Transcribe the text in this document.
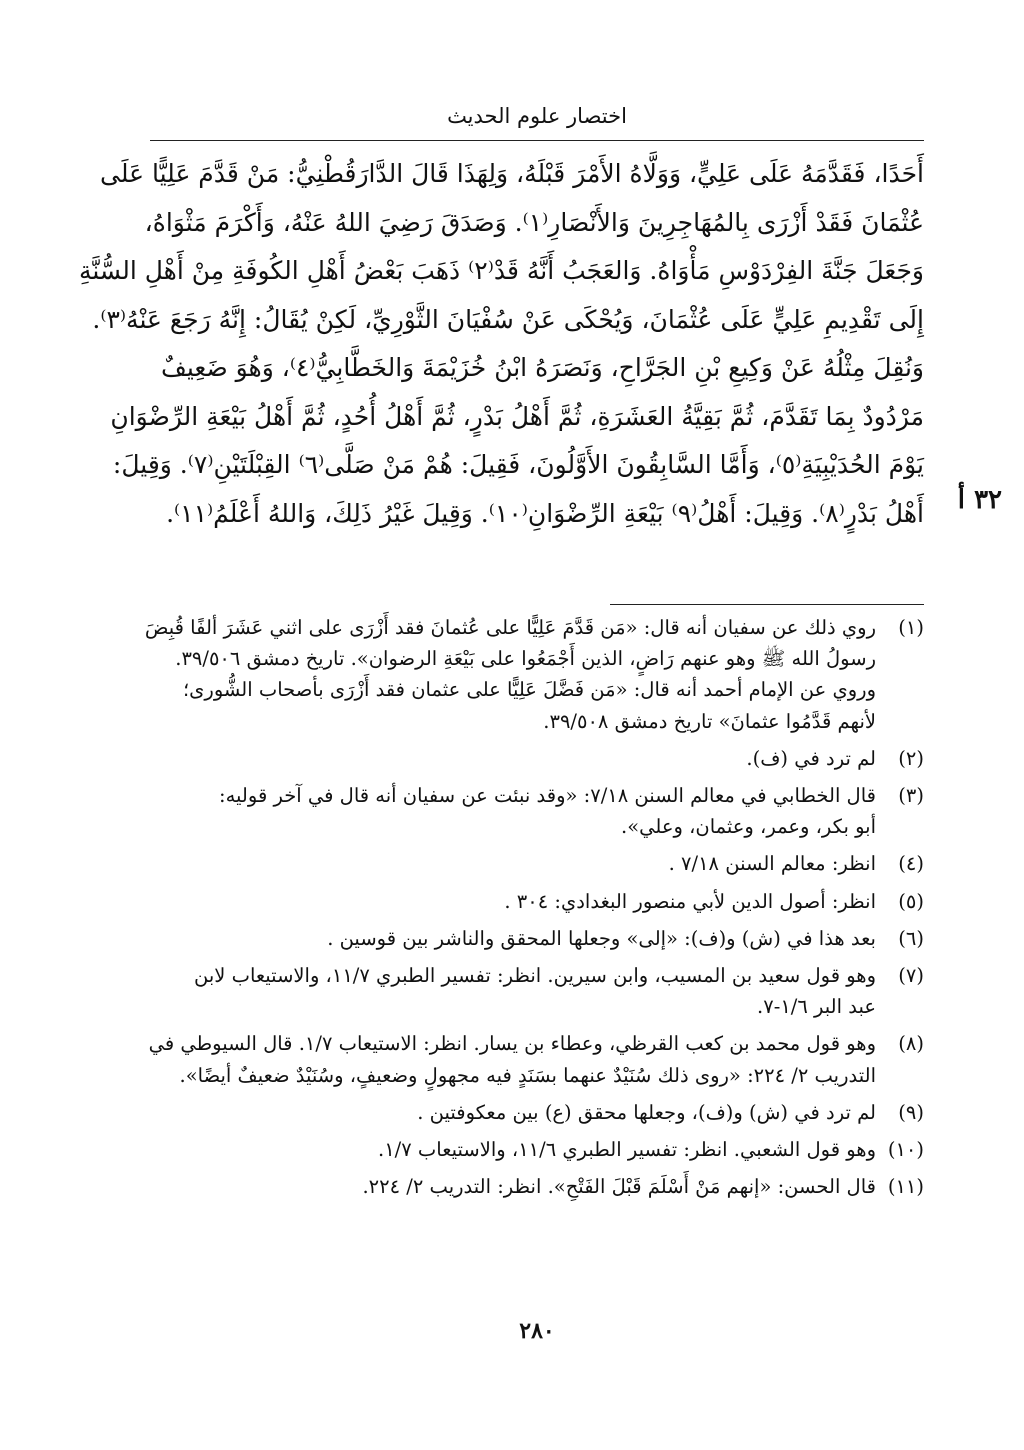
اختصار علوم الحديث
٣٢ أ
أَحَدًا، فَقَدَّمَهُ عَلَى عَلِيٍّ، وَوَلَّاهُ الأَمْرَ قَبْلَهُ، وَلِهَذَا قَالَ الدَّارَقُطْنِيُّ: مَنْ قَدَّمَ عَلِيًّا عَلَى
عُثْمَانَ فَقَدْ أَزْرَى بِالمُهَاجِرِينَ وَالأَنْصَارِ⁽١⁾. وَصَدَقَ رَضِيَ اللهُ عَنْهُ، وَأَكْرَمَ مَثْوَاهُ،
وَجَعَلَ جَنَّةَ الفِرْدَوْسِ مَأْوَاهُ. وَالعَجَبُ أَنَّهُ قَدْ⁽٢⁾ ذَهَبَ بَعْضُ أَهْلِ الكُوفَةِ مِنْ أَهْلِ السُّنَّةِ
إِلَى تَقْدِيمِ عَلِيٍّ عَلَى عُثْمَانَ، وَيُحْكَى عَنْ سُفْيَانَ الثَّوْرِيِّ، لَكِنْ يُقَالُ: إِنَّهُ رَجَعَ عَنْهُ⁽٣⁾.
وَنُقِلَ مِثْلُهُ عَنْ وَكِيعِ بْنِ الجَرَّاحِ، وَنَصَرَهُ ابْنُ خُزَيْمَةَ وَالخَطَّابِيُّ⁽٤⁾، وَهُوَ ضَعِيفٌ
مَرْدُودٌ بِمَا تَقَدَّمَ، ثُمَّ بَقِيَّةُ العَشَرَةِ، ثُمَّ أَهْلُ بَدْرٍ، ثُمَّ أَهْلُ أُحُدٍ، ثُمَّ أَهْلُ بَيْعَةِ الرِّضْوَانِ
يَوْمَ الحُدَيْبِيَةِ⁽٥⁾، وَأَمَّا السَّابِقُونَ الأَوَّلُونَ، فَقِيلَ: هُمْ مَنْ صَلَّى⁽٦⁾ القِبْلَتَيْنِ⁽٧⁾. وَقِيلَ:
أَهْلُ بَدْرٍ⁽٨⁾. وَقِيلَ: أَهْلُ⁽٩⁾ بَيْعَةِ الرِّضْوَانِ⁽١٠⁾. وَقِيلَ غَيْرُ ذَلِكَ، وَاللهُ أَعْلَمُ⁽١١⁾.
(١)
روي ذلك عن سفيان أنه قال: «مَن قَدَّمَ عَلِيًّا على عُثمانَ فقد أَزْرَى على اثني عَشَرَ ألفًا قُبِضَ
رسولُ الله ﷺ وهو عنهم رَاضٍ، الذين أَجْمَعُوا على بَيْعَةِ الرضوان». تاريخ دمشق ٣٩/٥٠٦.
وروي عن الإمام أحمد أنه قال: «مَن فَضَّلَ عَلِيًّا على عثمان فقد أَزْرَى بأصحاب الشُّورى؛
لأنهم قَدَّمُوا عثمانَ» تاريخ دمشق ٣٩/٥٠٨.
(٢)
لم ترد في (ف).
(٣)
قال الخطابي في معالم السنن ٧/١٨: «وقد نبئت عن سفيان أنه قال في آخر قوليه:
أبو بكر، وعمر، وعثمان، وعلي».
(٤)
انظر: معالم السنن ٧/١٨ .
(٥)
انظر: أصول الدين لأبي منصور البغدادي: ٣٠٤ .
(٦)
بعد هذا في (ش) و(ف): «إلى» وجعلها المحقق والناشر بين قوسين .
(٧)
وهو قول سعيد بن المسيب، وابن سيرين. انظر: تفسير الطبري ١١/٧، والاستيعاب لابن
عبد البر ١/٦-٧.
(٨)
وهو قول محمد بن كعب القرظي، وعطاء بن يسار. انظر: الاستيعاب ١/٧. قال السيوطي في
التدريب ٢/ ٢٢٤: «روى ذلك سُنَيْدٌ عنهما بسَنَدٍ فيه مجهولٍ وضعيفٍ، وسُنَيْدٌ ضعيفٌ أيضًا».
(٩)
لم ترد في (ش) و(ف)، وجعلها محقق (ع) بين معكوفتين .
(١٠)
وهو قول الشعبي. انظر: تفسير الطبري ١١/٦، والاستيعاب ١/٧.
(١١)
قال الحسن: «إنهم مَنْ أَسْلَمَ قَبْلَ الفَتْحِ». انظر: التدريب ٢/ ٢٢٤.
٢٨٠
